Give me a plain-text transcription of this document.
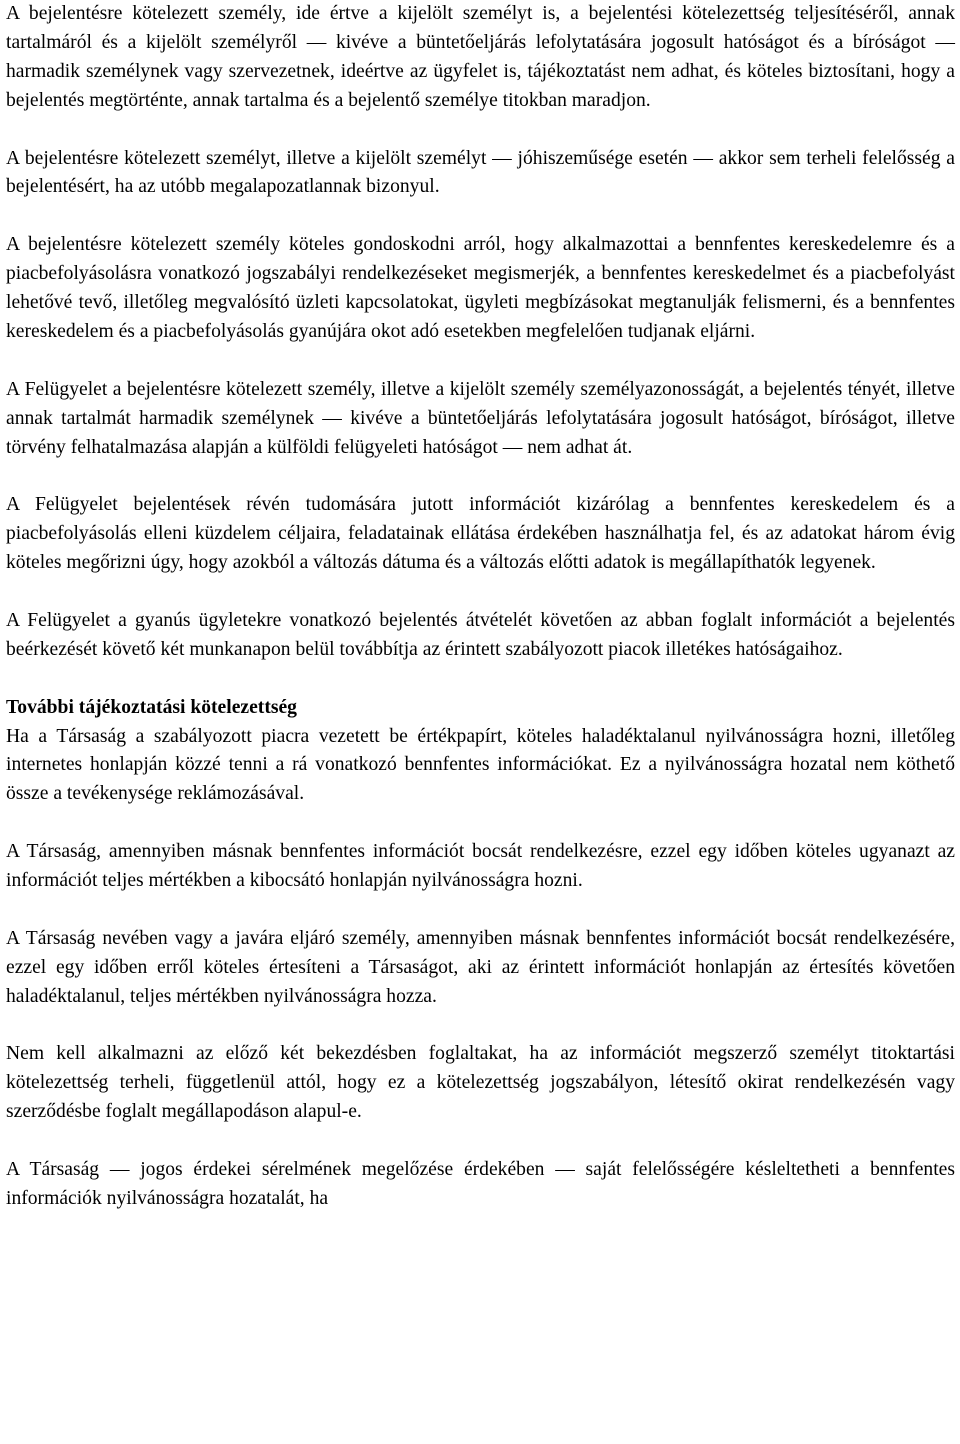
A bejelentésre kötelezett személy, ide értve a kijelölt személyt is, a bejelentési kötelezettség teljesítéséről, annak tartalmáról és a kijelölt személyről — kivéve a büntetőeljárás lefolytatására jogosult hatóságot és a bíróságot — harmadik személynek vagy szervezetnek, ideértve az ügyfelet is, tájékoztatást nem adhat, és köteles biztosítani, hogy a bejelentés megtörténte, annak tartalma és a bejelentő személye titokban maradjon.

A bejelentésre kötelezett személyt, illetve a kijelölt személyt — jóhiszeműsége esetén — akkor sem terheli felelősség a bejelentésért, ha az utóbb megalapozatlannak bizonyul.

A bejelentésre kötelezett személy köteles gondoskodni arról, hogy alkalmazottai a bennfentes kereskedelemre és a piacbefolyásolásra vonatkozó jogszabályi rendelkezéseket megismerjék, a bennfentes kereskedelmet és a piacbefolyást lehetővé tevő, illetőleg megvalósító üzleti kapcsolatokat, ügyleti megbízásokat megtanulják felismerni, és a bennfentes kereskedelem és a piacbefolyásolás gyanújára okot adó esetekben megfelelően tudjanak eljárni.

A Felügyelet a bejelentésre kötelezett személy, illetve a kijelölt személy személyazonosságát, a bejelentés tényét, illetve annak tartalmát harmadik személynek — kivéve a büntetőeljárás lefolytatására jogosult hatóságot, bíróságot, illetve törvény felhatalmazása alapján a külföldi felügyeleti hatóságot — nem adhat át.

A Felügyelet bejelentések révén tudomására jutott információt kizárólag a bennfentes kereskedelem és a piacbefolyásolás elleni küzdelem céljaira, feladatainak ellátása érdekében használhatja fel, és az adatokat három évig köteles megőrizni úgy, hogy azokból a változás dátuma és a változás előtti adatok is megállapíthatók legyenek.

A Felügyelet a gyanús ügyletekre vonatkozó bejelentés átvételét követően az abban foglalt információt a bejelentés beérkezését követő két munkanapon belül továbbítja az érintett szabályozott piacok illetékes hatóságaihoz.

További tájékoztatási kötelezettség

Ha a Társaság a szabályozott piacra vezetett be értékpapírt, köteles haladéktalanul nyilvánosságra hozni, illetőleg internetes honlapján közzé tenni a rá vonatkozó bennfentes információkat. Ez a nyilvánosságra hozatal nem köthető össze a tevékenysége reklámozásával.

A Társaság, amennyiben másnak bennfentes információt bocsát rendelkezésre, ezzel egy időben köteles ugyanazt az információt teljes mértékben a kibocsátó honlapján nyilvánosságra hozni.

A Társaság nevében vagy a javára eljáró személy, amennyiben másnak bennfentes információt bocsát rendelkezésére, ezzel egy időben erről köteles értesíteni a Társaságot, aki az érintett információt honlapján az értesítés követően haladéktalanul, teljes mértékben nyilvánosságra hozza.

Nem kell alkalmazni az előző két bekezdésben foglaltakat, ha az információt megszerző személyt titoktartási kötelezettség terheli, függetlenül attól, hogy ez a kötelezettség jogszabályon, létesítő okirat rendelkezésén vagy szerződésbe foglalt megállapodáson alapul-e.

A Társaság — jogos érdekei sérelmének megelőzése érdekében — saját felelősségére késleltetheti a bennfentes információk nyilvánosságra hozatalát, ha
